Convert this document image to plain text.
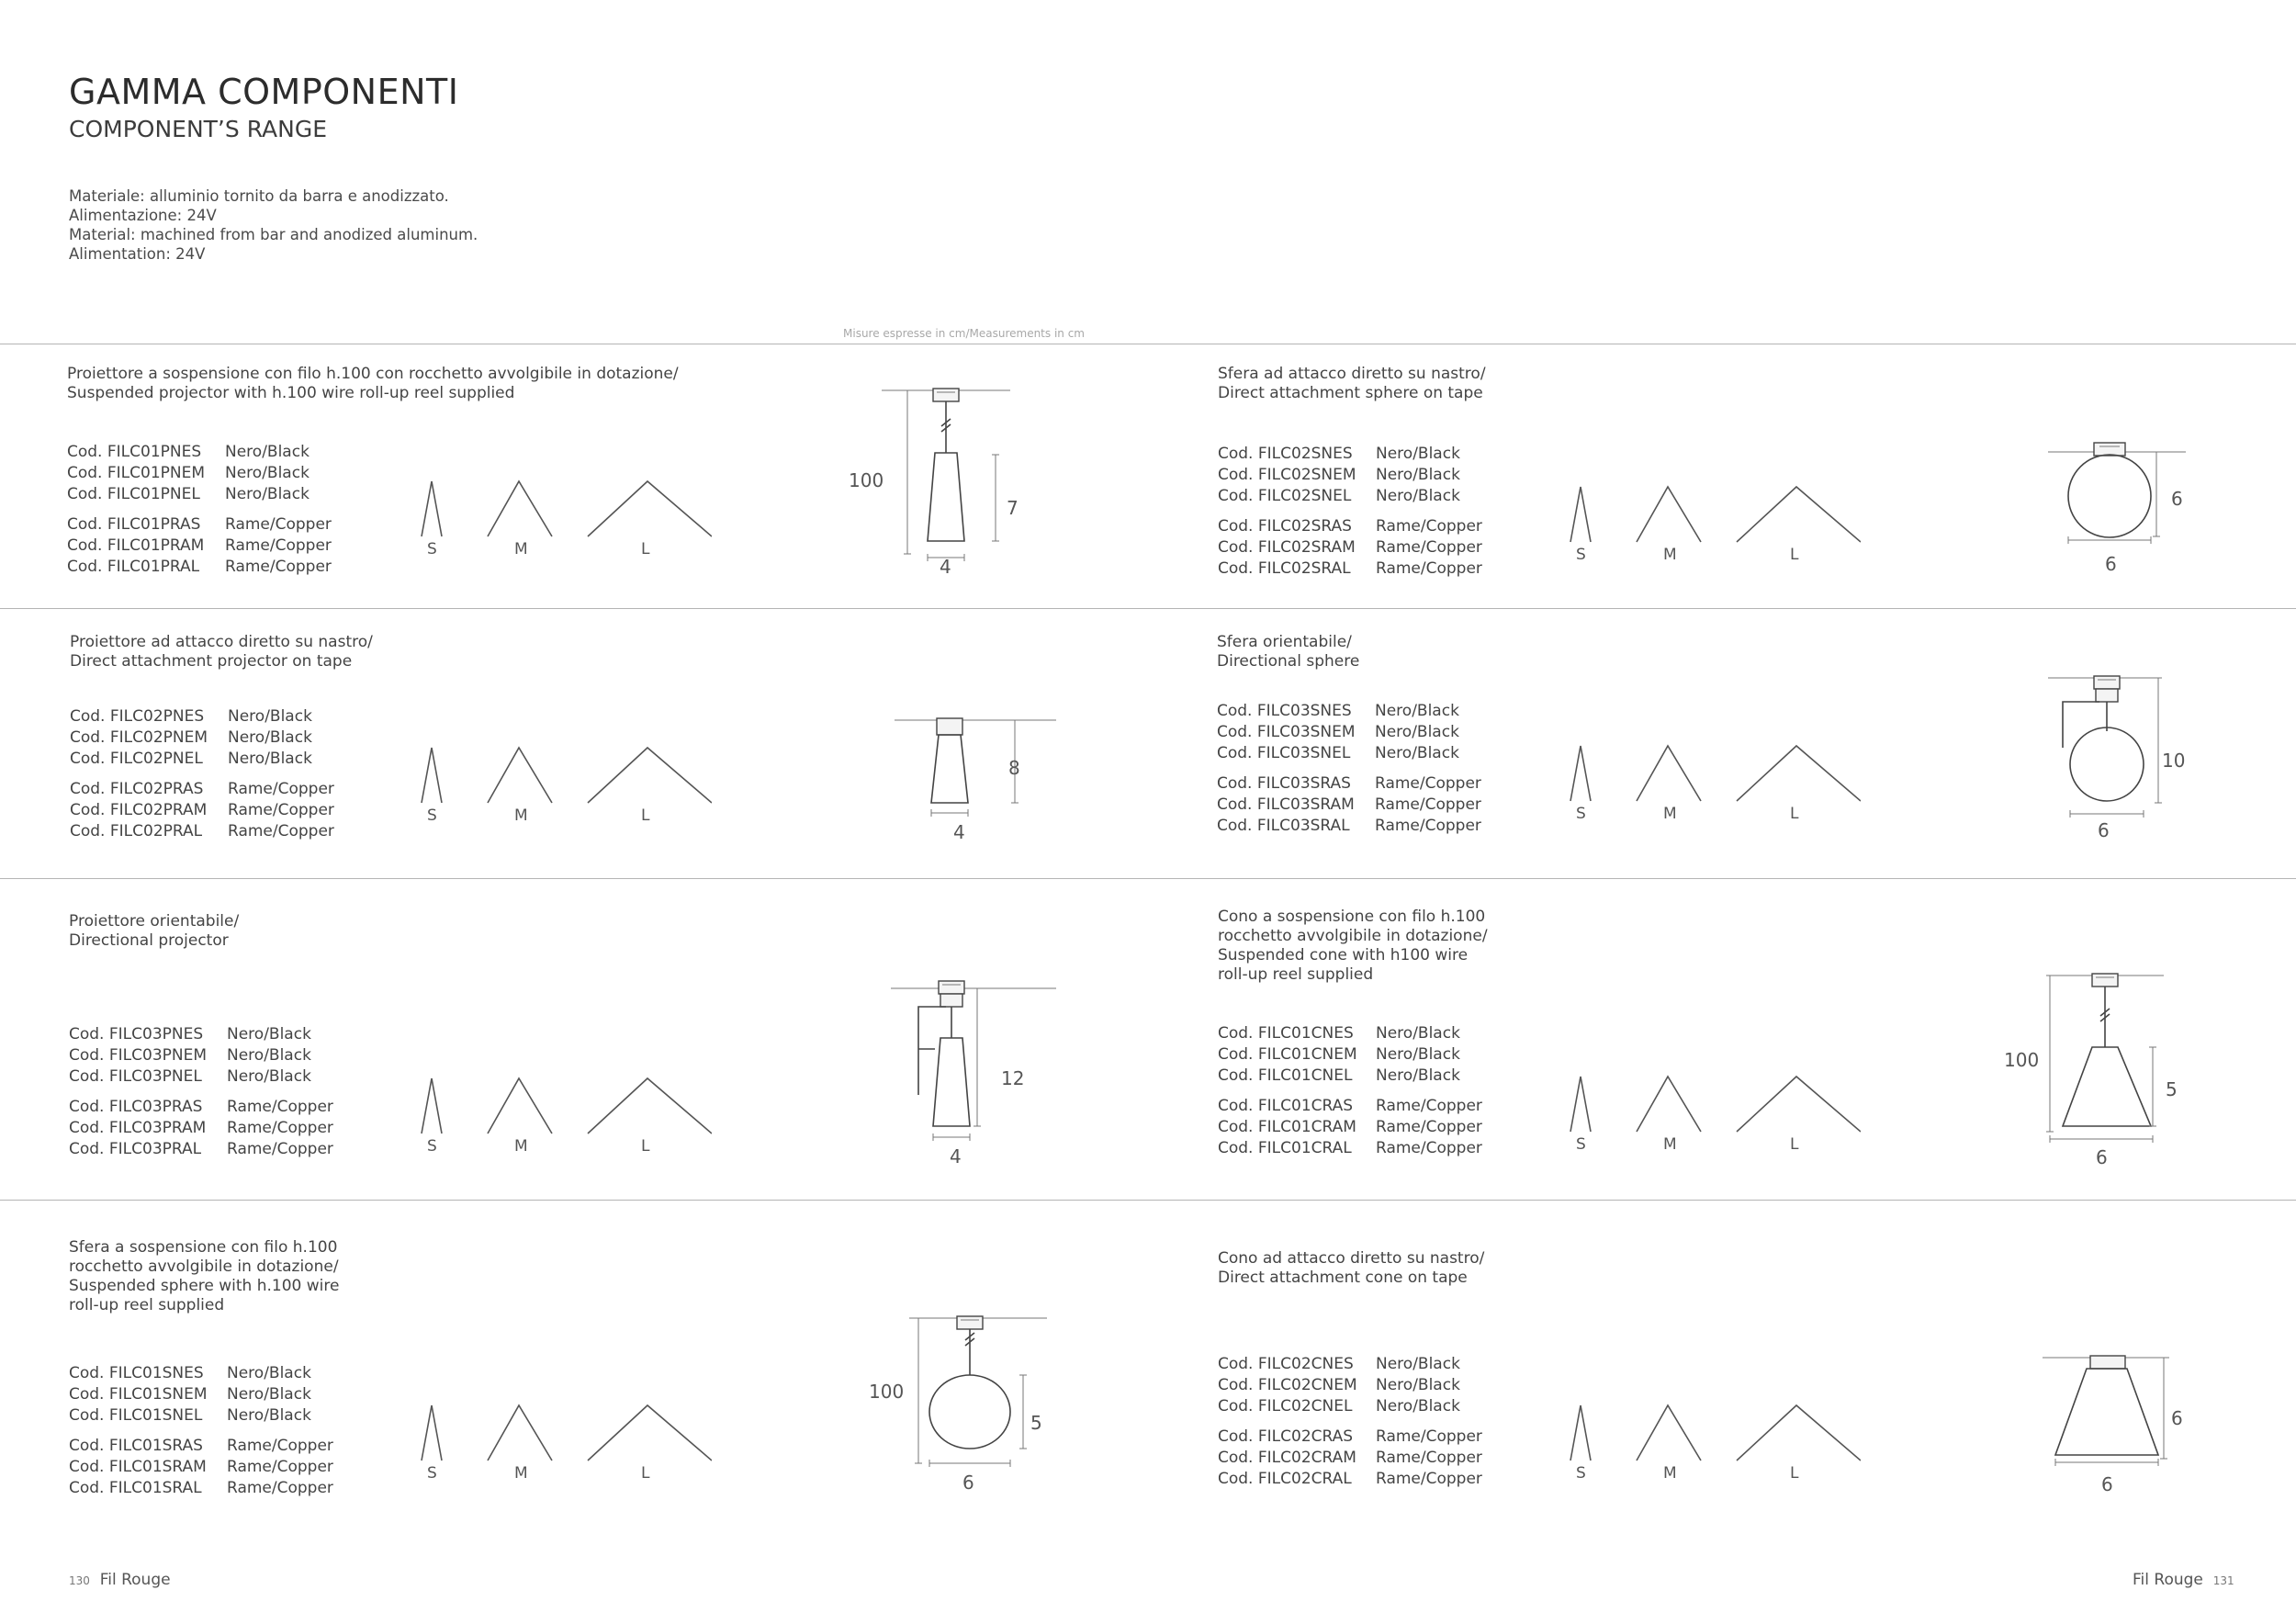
GAMMA COMPONENTI
COMPONENT’S RANGE
Materiale: alluminio tornito da barra e anodizzato.
Alimentazione: 24V
Material: machined from bar and anodized aluminum.
Alimentation: 24V
Misure espresse in cm/Measurements in cm
Proiettore a sospensione con filo h.100 con rocchetto avvolgibile in dotazione/
Suspended projector with h.100 wire roll-up reel supplied
Cod. FILC01PNES Nero/Black
Cod. FILC01PNEM Nero/Black
Cod. FILC01PNEL Nero/Black
Cod. FILC01PRAS Rame/Copper
Cod. FILC01PRAM Rame/Copper
Cod. FILC01PRAL Rame/Copper
S	M	L
100
7
4
Proiettore ad attacco diretto su nastro/
Direct attachment projector on tape
Cod. FILC02PNES Nero/Black
Cod. FILC02PNEM Nero/Black
Cod. FILC02PNEL Nero/Black
Cod. FILC02PRAS Rame/Copper
Cod. FILC02PRAM Rame/Copper
Cod. FILC02PRAL Rame/Copper
S	M	L
8
4
Proiettore orientabile/
Directional projector
Cod. FILC03PNES Nero/Black
Cod. FILC03PNEM Nero/Black
Cod. FILC03PNEL Nero/Black
Cod. FILC03PRAS Rame/Copper
Cod. FILC03PRAM Rame/Copper
Cod. FILC03PRAL Rame/Copper	S	M	L
12
4
Sfera a sospensione con filo h.100
rocchetto avvolgibile in dotazione/
Suspended sphere with h.100 wire
roll-up reel supplied
Cod. FILC01SNES Nero/Black
Cod. FILC01SNEM Nero/Black
Cod. FILC01SNEL Nero/Black
Cod. FILC01SRAS Rame/Copper
Cod. FILC01SRAM Rame/Copper
Cod. FILC01SRAL Rame/Copper
S	M	L
100
5
6
Sfera ad attacco diretto su nastro/
Direct attachment sphere on tape
Cod. FILC02SNES Nero/Black
Cod. FILC02SNEM Nero/Black
Cod. FILC02SNEL Nero/Black
Cod. FILC02SRAS Rame/Copper
Cod. FILC02SRAM Rame/Copper
Cod. FILC02SRAL Rame/Copper
S	M	L
6
6
Sfera orientabile/
Directional sphere
Cod. FILC03SNES Nero/Black
Cod. FILC03SNEM Nero/Black
Cod. FILC03SNEL Nero/Black
Cod. FILC03SRAS Rame/Copper
Cod. FILC03SRAM Rame/Copper
Cod. FILC03SRAL Rame/Copper
S	M	L
10
6
Cono a sospensione con filo h.100
rocchetto avvolgibile in dotazione/
Suspended cone with h100 wire
roll-up reel supplied
Cod. FILC01CNES Nero/Black
Cod. FILC01CNEM Nero/Black
Cod. FILC01CNEL Nero/Black
Cod. FILC01CRAS Rame/Copper
Cod. FILC01CRAM Rame/Copper
Cod. FILC01CRAL Rame/Copper	S	M	L
100
5
6
Cono ad attacco diretto su nastro/
Direct attachment cone on tape
Cod. FILC02CNES Nero/Black
Cod. FILC02CNEM Nero/Black
Cod. FILC02CNEL Nero/Black
Cod. FILC02CRAS Rame/Copper
Cod. FILC02CRAM Rame/Copper
Cod. FILC02CRAL Rame/Copper	S	M	L
6
6
130 Fil Rouge	Fil Rouge 131
